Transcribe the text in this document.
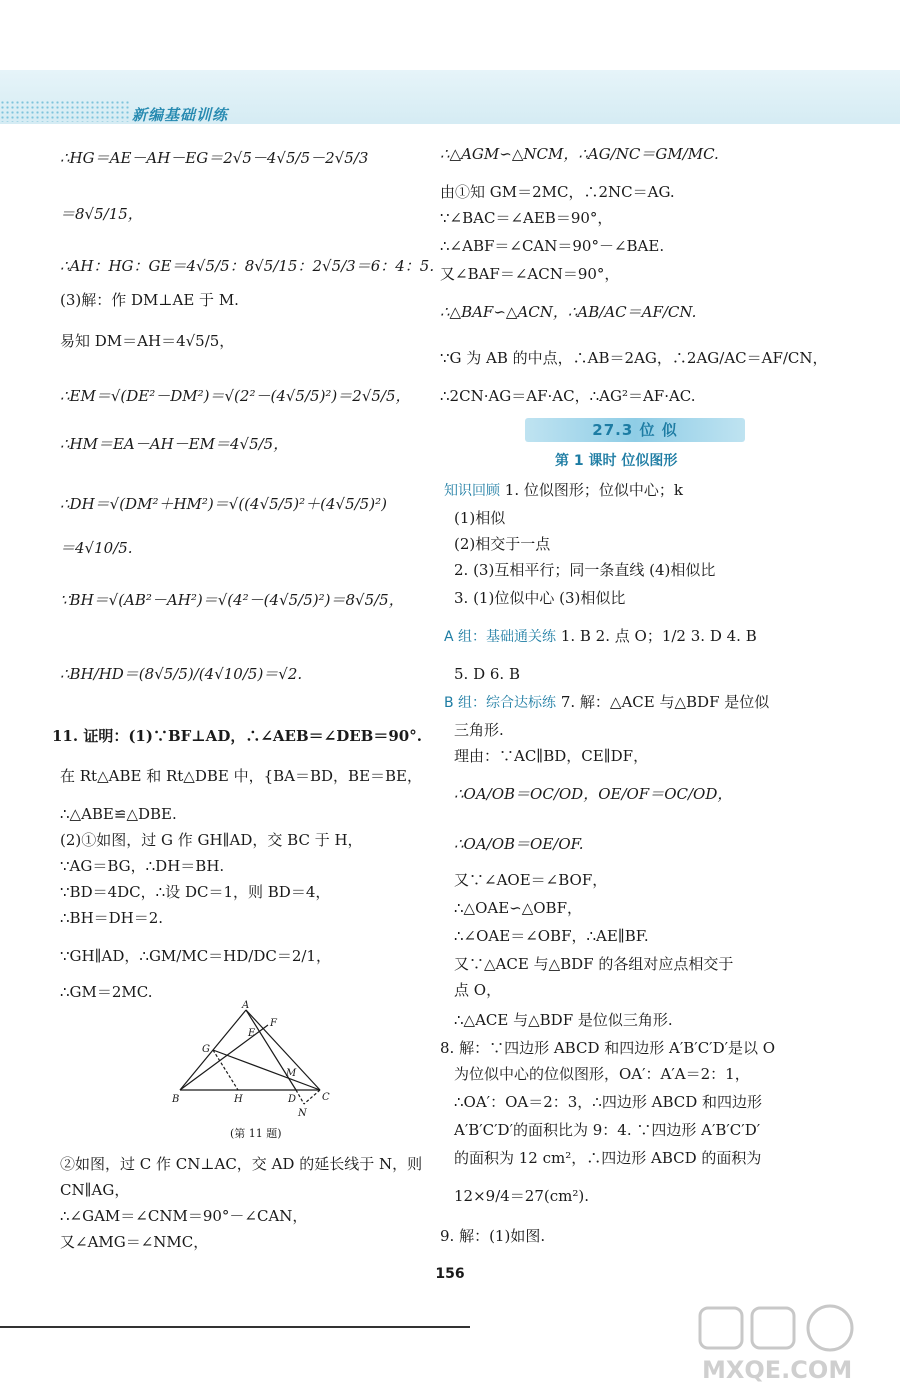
新编基础训练
∴HG＝AE－AH－EG＝2√5－4√5/5－2√5/3
＝8√5/15，
∴AH：HG：GE＝4√5/5：8√5/15：2√5/3＝6：4：5.
(3)解：作 DM⊥AE 于 M.
易知 DM＝AH＝4√5/5，
∴EM＝√(DE²－DM²)＝√(2²－(4√5/5)²)＝2√5/5，
∴HM＝EA－AH－EM＝4√5/5，
∴DH＝√(DM²＋HM²)＝√((4√5/5)²＋(4√5/5)²)
＝4√10/5.
∵BH＝√(AB²－AH²)＝√(4²－(4√5/5)²)＝8√5/5，
∴BH/HD＝(8√5/5)/(4√10/5)＝√2.
11. 证明：(1)∵BF⊥AD，∴∠AEB＝∠DEB＝90°.
在 Rt△ABE 和 Rt△DBE 中，{BA＝BD，BE＝BE，
∴△ABE≌△DBE.
(2)①如图，过 G 作 GH∥AD，交 BC 于 H，
∵AG＝BG，∴DH＝BH.
∵BD＝4DC，∴设 DC＝1，则 BD＝4，
∴BH＝DH＝2.
∵GH∥AD，∴GM/MC＝HD/DC＝2/1，
∴GM＝2MC.
A
B	C
D
E
F
G
H
M
N
(第 11 题)
②如图，过 C 作 CN⊥AC，交 AD 的延长线于 N，则
CN∥AG，
∴∠GAM＝∠CNM＝90°－∠CAN，
又∠AMG＝∠NMC，
∴△AGM∽△NCM，∴AG/NC＝GM/MC.
由①知 GM＝2MC，∴2NC＝AG.
∵∠BAC＝∠AEB＝90°，
∴∠ABF＝∠CAN＝90°－∠BAE.
又∠BAF＝∠ACN＝90°，
∴△BAF∽△ACN，∴AB/AC＝AF/CN.
∵G 为 AB 的中点，∴AB＝2AG，∴2AG/AC＝AF/CN，
∴2CN·AG＝AF·AC，∴AG²＝AF·AC.
27.3 位 似
第 1 课时 位似图形
知识回顾 1. 位似图形；位似中心；k
(1)相似
(2)相交于一点
2. (3)互相平行；同一条直线 (4)相似比
3. (1)位似中心 (3)相似比
A 组：基础通关练 1. B 2. 点 O；1/2 3. D 4. B
5. D 6. B
B 组：综合达标练 7. 解：△ACE 与△BDF 是位似
三角形.
理由：∵AC∥BD，CE∥DF，
∴OA/OB＝OC/OD，OE/OF＝OC/OD，
∴OA/OB＝OE/OF.
又∵∠AOE＝∠BOF，
∴△OAE∽△OBF，
∴∠OAE＝∠OBF，∴AE∥BF.
又∵△ACE 与△BDF 的各组对应点相交于
点 O，
∴△ACE 与△BDF 是位似三角形.
8. 解：∵四边形 ABCD 和四边形 A′B′C′D′是以 O
为位似中心的位似图形，OA′：A′A＝2：1，
∴OA′：OA＝2：3，∴四边形 ABCD 和四边形
A′B′C′D′的面积比为 9：4. ∵四边形 A′B′C′D′
的面积为 12 cm²，∴四边形 ABCD 的面积为
12×9/4＝27(cm²).
9. 解：(1)如图.
156
MXQE.COM
